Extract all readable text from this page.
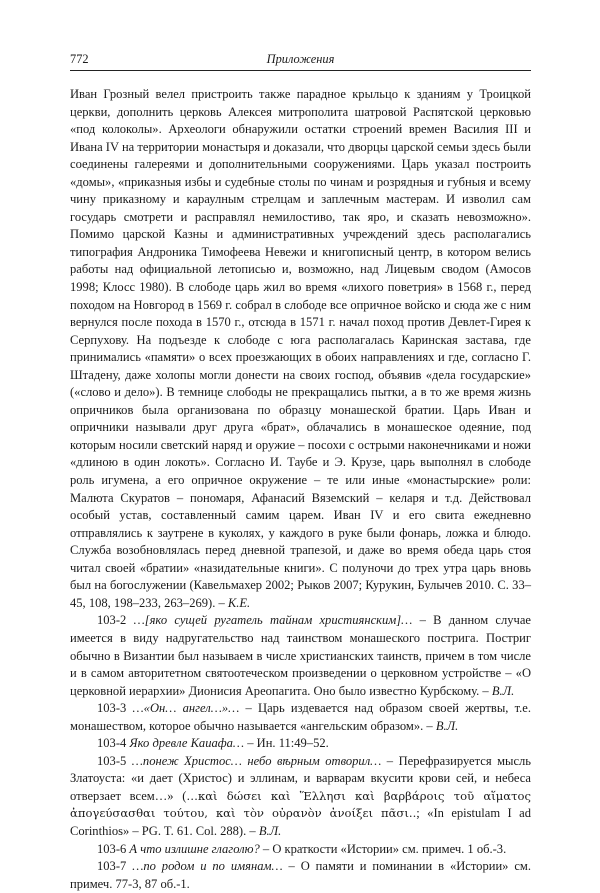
772	Приложения

Иван Грозный велел пристроить также парадное крыльцо к зданиям у Троицкой церкви, дополнить церковь Алексея митрополита шатровой Распятской церковью «под колоколы». Археологи обнаружили остатки строений времен Василия III и Ивана IV на территории монастыря и доказали, что дворцы царской семьи здесь были соединены галереями и дополнительными сооружениями. Царь указал построить «домы», «приказныя избы и судебные столы по чинам и розрядныя и губныя и всему чину приказному и караулным стрелцам и заплечным мастерам. И изволил сам государь смотрети и расправлял немилостиво, так яро, и сказать невозможно». Помимо царской Казны и административных учреждений здесь располагались типография Андроника Тимофеева Невежи и книгописный центр, в котором велись работы над официальной летописью и, возможно, над Лицевым сводом (Амосов 1998; Клосс 1980). В слободе царь жил во время «лихого поветрия» в 1568 г., перед походом на Новгород в 1569 г. собрал в слободе все опричное войско и сюда же с ним вернулся после похода в 1570 г., отсюда в 1571 г. начал поход против Девлет-Гирея к Серпухову. На подъезде к слободе с юга располагалась Каринская застава, где принимались «памяти» о всех проезжающих в обоих направлениях и где, согласно Г. Штадену, даже холопы могли донести на своих господ, объявив «дела государские» («слово и дело»). В темнице слободы не прекращались пытки, а в то же время жизнь опричников была организована по образцу монашеской братии. Царь Иван и опричники называли друг друга «брат», облачались в монашеское одеяние, под которым носили светский наряд и оружие – посохи с острыми наконечниками и ножи «длиною в один локоть». Согласно И. Таубе и Э. Крузе, царь выполнял в слободе роль игумена, а его опричное окружение – те или иные «монастырские» роли: Малюта Скуратов – пономаря, Афанасий Вяземский – келаря и т.д. Действовал особый устав, составленный самим царем. Иван IV и его свита ежедневно отправлялись к заутрене в куколях, у каждого в руке были фонарь, ложка и блюдо. Служба возобновлялась перед дневной трапезой, и даже во время обеда царь стоя читал своей «братии» «назидательные книги». С полуночи до трех утра царь вновь был на богослужении (Кавельмахер 2002; Рыков 2007; Курукин, Булычев 2010. С. 33–45, 108, 198–233, 263–269). – К.Е.

103-2 …[яко сущей ругатель тайнам християнским]… – В данном случае имеется в виду надругательство над таинством монашеского пострига. Постриг обычно в Византии был называем в числе христианских таинств, причем в том числе и в самом авторитетном святоотеческом произведении о церковном устройстве – «О церковной иерархии» Дионисия Ареопагита. Оно было известно Курбскому. – В.Л.

103-3 …«Он… ангел…»… – Царь издевается над образом своей жертвы, т.е. монашеством, которое обычно называется «ангельским образом». – В.Л.

103-4 Яко древле Каиафа… – Ин. 11:49–52.

103-5 …понеж Христос… небо вѣрным отворил… – Перефразируется мысль Златоуста: «и дает (Христос) и эллинам, и варварам вкусити крови сей, и небеса отверзает всем…» (…καὶ δώσει καὶ Ἕλλησι καὶ βαρβάροις τοῦ αἵματος ἀπογεύσασθαι τούτου, καὶ τὸν οὐρανὸν ἀνοίξει πᾶσι..; «In epistulam I ad Corinthios» – PG. T. 61. Col. 288). – В.Л.

103-6 А что излишне глаголю? – О краткости «Истории» см. примеч. 1 об.-3.

103-7 …по родом и по имянам… – О памяти и поминании в «Истории» см. примеч. 77-3, 87 об.-1.
